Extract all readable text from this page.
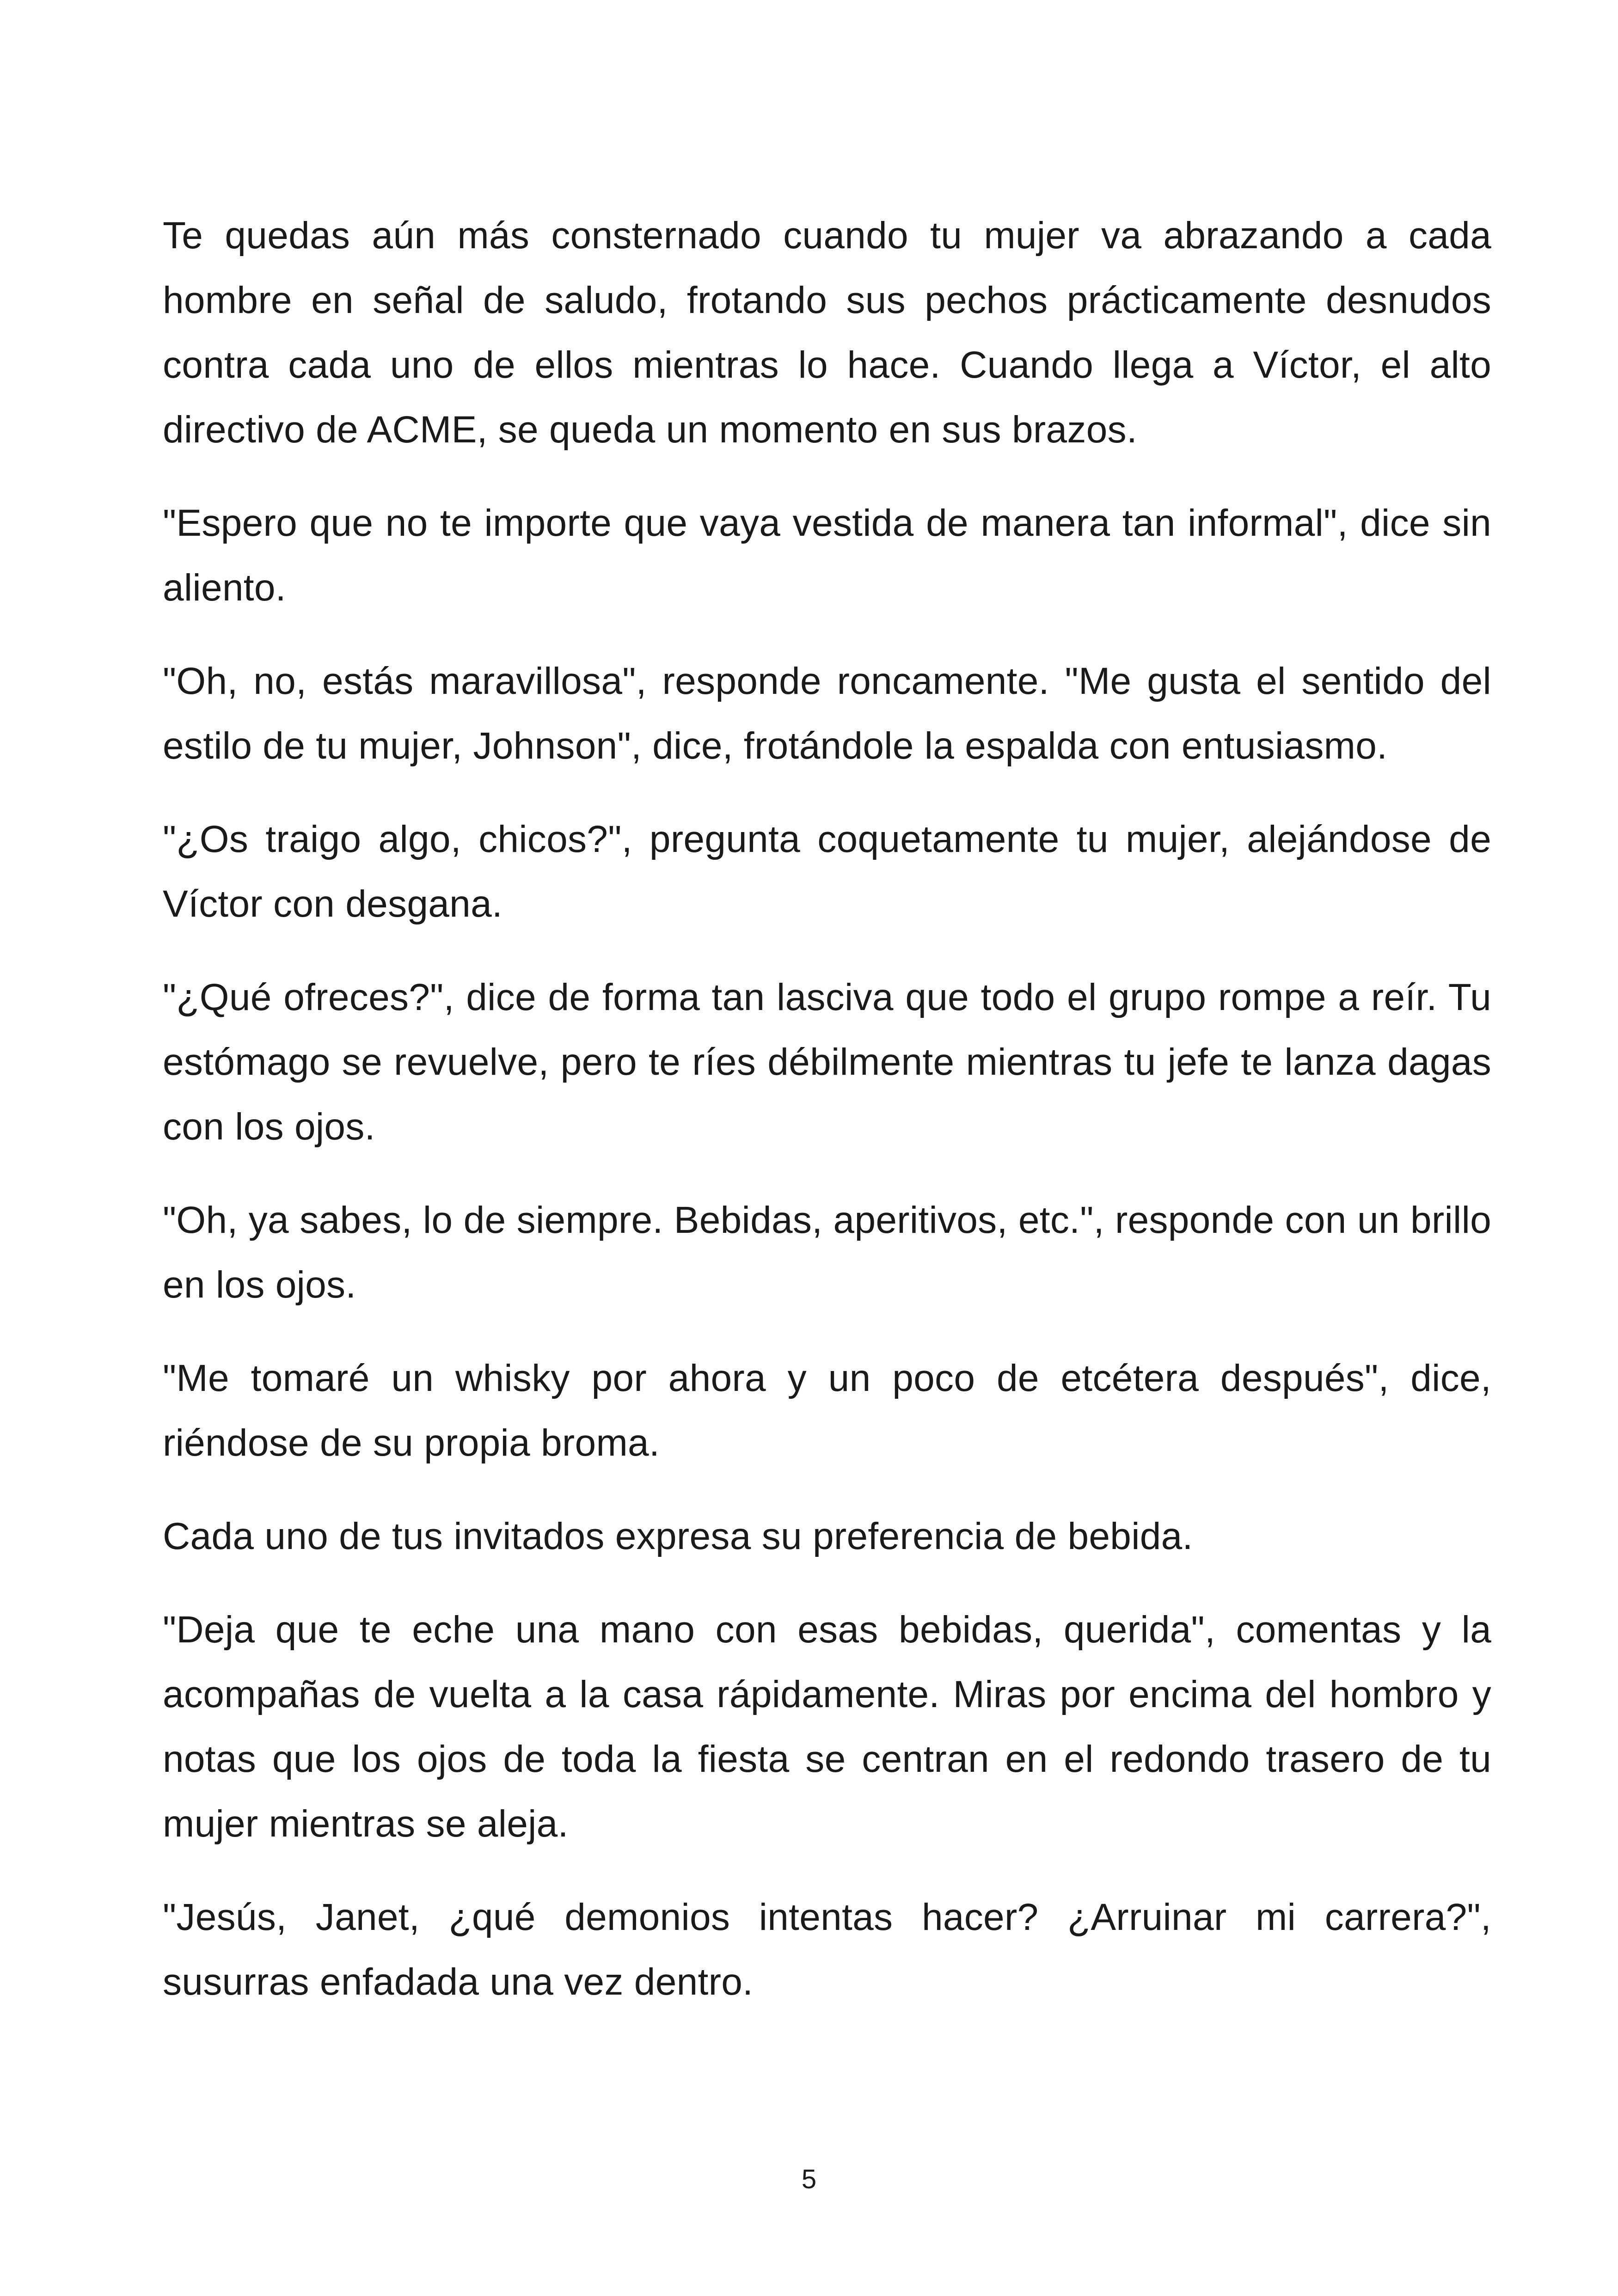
Te quedas aún más consternado cuando tu mujer va abrazando a cada hombre en señal de saludo, frotando sus pechos prácticamente desnudos contra cada uno de ellos mientras lo hace. Cuando llega a Víctor, el alto directivo de ACME, se queda un momento en sus brazos.

"Espero que no te importe que vaya vestida de manera tan informal", dice sin aliento.

"Oh, no, estás maravillosa", responde roncamente. "Me gusta el sentido del estilo de tu mujer, Johnson", dice, frotándole la espalda con entusiasmo.

"¿Os traigo algo, chicos?", pregunta coquetamente tu mujer, alejándose de Víctor con desgana.

"¿Qué ofreces?", dice de forma tan lasciva que todo el grupo rompe a reír. Tu estómago se revuelve, pero te ríes débilmente mientras tu jefe te lanza dagas con los ojos.

"Oh, ya sabes, lo de siempre. Bebidas, aperitivos, etc.", responde con un brillo en los ojos.

"Me tomaré un whisky por ahora y un poco de etcétera después", dice, riéndose de su propia broma.

Cada uno de tus invitados expresa su preferencia de bebida.

"Deja que te eche una mano con esas bebidas, querida", comentas y la acompañas de vuelta a la casa rápidamente. Miras por encima del hombro y notas que los ojos de toda la fiesta se centran en el redondo trasero de tu mujer mientras se aleja.

"Jesús, Janet, ¿qué demonios intentas hacer? ¿Arruinar mi carrera?", susurras enfadada una vez dentro.

5
